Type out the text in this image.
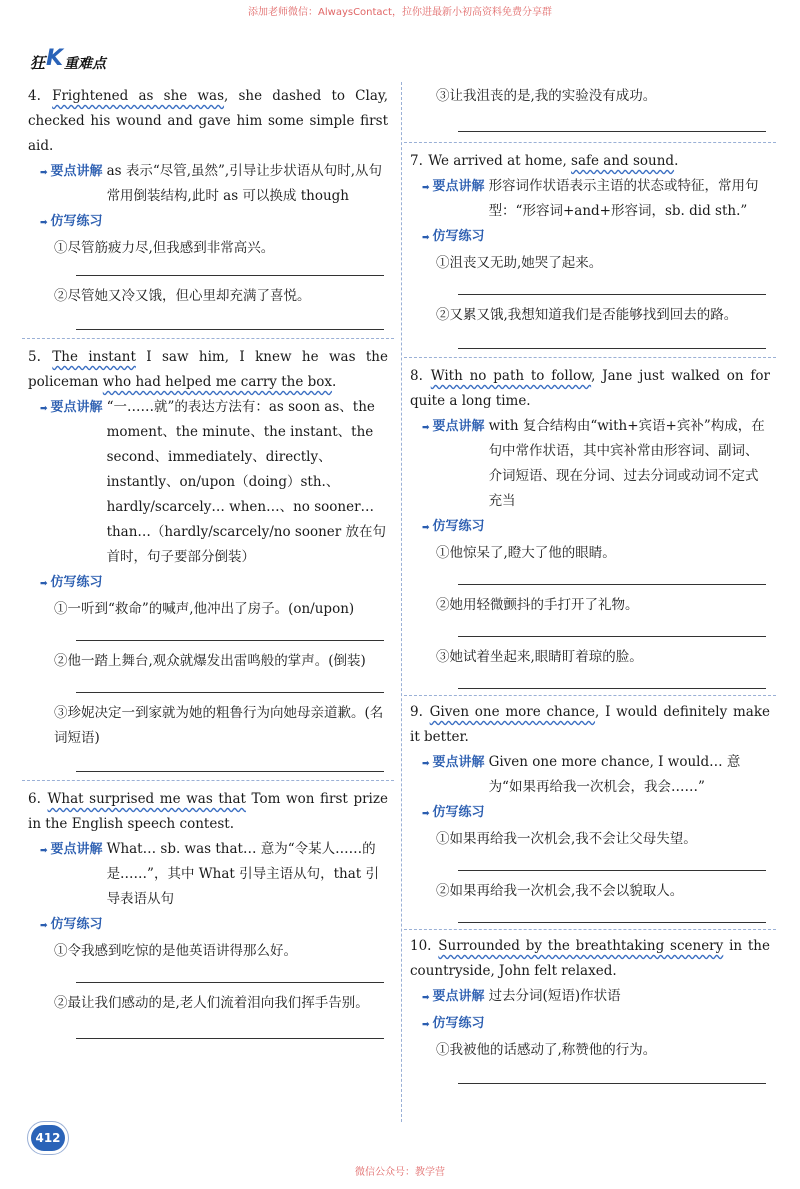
添加老师微信：AlwaysContact，拉你进最新小初高资料免费分享群
狂 K 重难点
4. Frightened as she was, she dashed to Clay, checked his wound and gave him some simple first aid.
➡ 要点讲解 as 表示“尽管,虽然”,引导让步状语从句时,从句常用倒装结构,此时 as 可以换成 though
➡ 仿写练习
①尽管筋疲力尽,但我感到非常高兴。
②尽管她又冷又饿，但心里却充满了喜悦。
5. The instant I saw him, I knew he was the policeman who had helped me carry the box.
➡ 要点讲解 “一……就”的表达方法有：as soon as、the moment、the minute、the instant、the second、immediately、directly、instantly、on/upon（doing）sth.、hardly/scarcely… when…、no sooner… than…（hardly/scarcely/no sooner 放在句首时，句子要部分倒装）
➡ 仿写练习
①一听到“救命”的喊声,他冲出了房子。(on/upon)
②他一踏上舞台,观众就爆发出雷鸣般的掌声。(倒装)
③珍妮决定一到家就为她的粗鲁行为向她母亲道歉。(名词短语)
6. What surprised me was that Tom won first prize in the English speech contest.
➡ 要点讲解 What… sb. was that… 意为“令某人……的是……”，其中 What 引导主语从句，that 引导表语从句
➡ 仿写练习
①令我感到吃惊的是他英语讲得那么好。
②最让我们感动的是,老人们流着泪向我们挥手告别。
③让我沮丧的是,我的实验没有成功。
7. We arrived at home, safe and sound.
➡ 要点讲解 形容词作状语表示主语的状态或特征，常用句型：“形容词+and+形容词，sb. did sth.”
➡ 仿写练习
①沮丧又无助,她哭了起来。
②又累又饿,我想知道我们是否能够找到回去的路。
8. With no path to follow, Jane just walked on for quite a long time.
➡ 要点讲解 with 复合结构由“with+宾语+宾补”构成，在句中常作状语，其中宾补常由形容词、副词、介词短语、现在分词、过去分词或动词不定式充当
➡ 仿写练习
①他惊呆了,瞪大了他的眼睛。
②她用轻微颤抖的手打开了礼物。
③她试着坐起来,眼睛盯着琼的脸。
9. Given one more chance, I would definitely make it better.
➡ 要点讲解 Given one more chance, I would… 意为“如果再给我一次机会，我会……”
➡ 仿写练习
①如果再给我一次机会,我不会让父母失望。
②如果再给我一次机会,我不会以貌取人。
10. Surrounded by the breathtaking scenery in the countryside, John felt relaxed.
➡ 要点讲解 过去分词(短语)作状语
➡ 仿写练习
①我被他的话感动了,称赞他的行为。
412
微信公众号：教学营
